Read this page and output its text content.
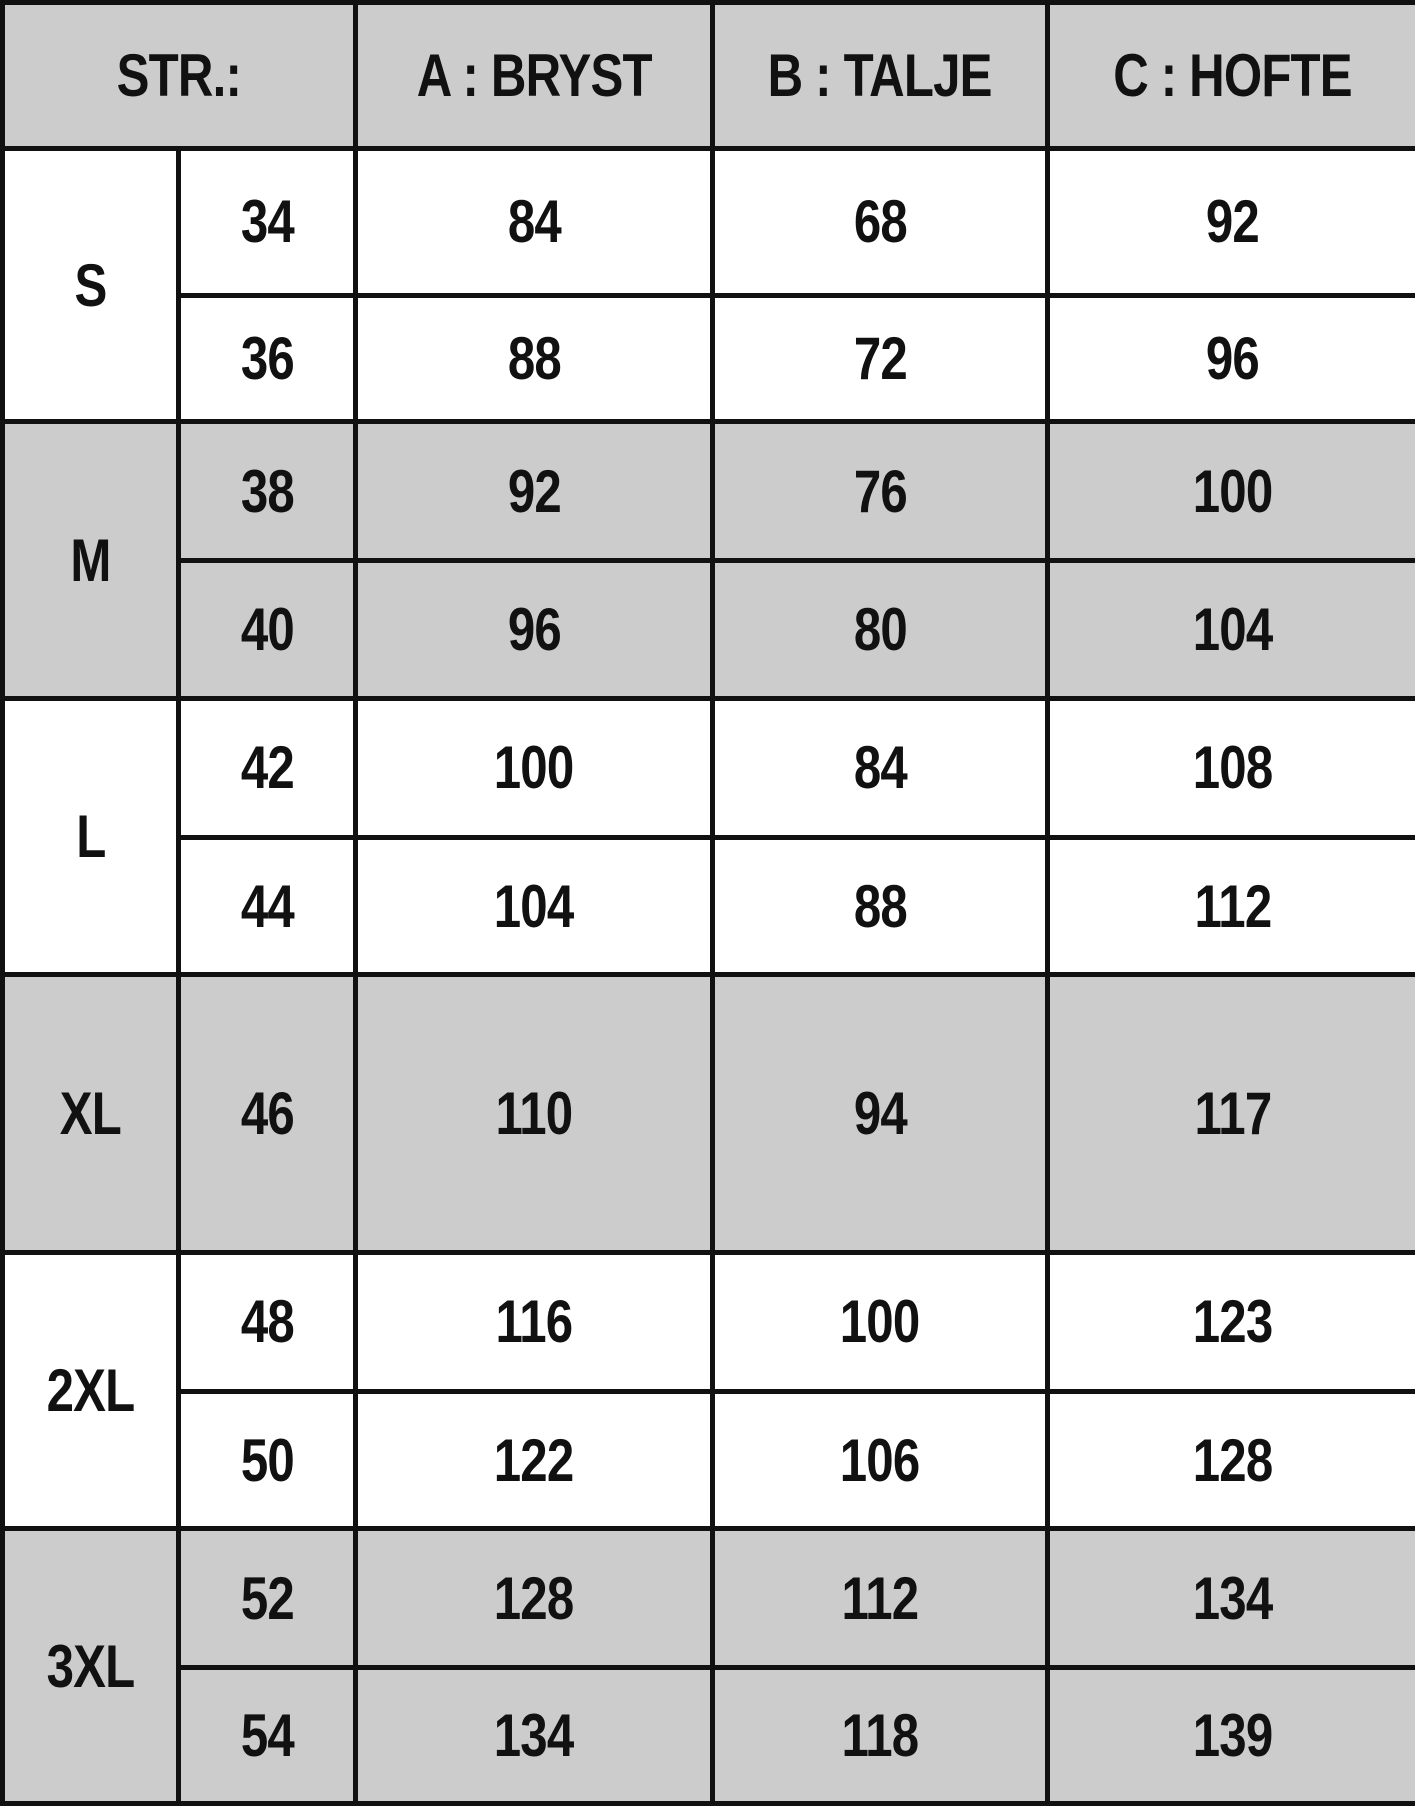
STR.:		A : BRYST	B : TALJE	C : HOFTE
S	34	84	68	92
	36	88	72	96
M	38	92	76	100
	40	96	80	104
L	42	100	84	108
	44	104	88	112
XL	46	110	94	117
2XL	48	116	100	123
	50	122	106	128
3XL	52	128	112	134
	54	134	118	139
